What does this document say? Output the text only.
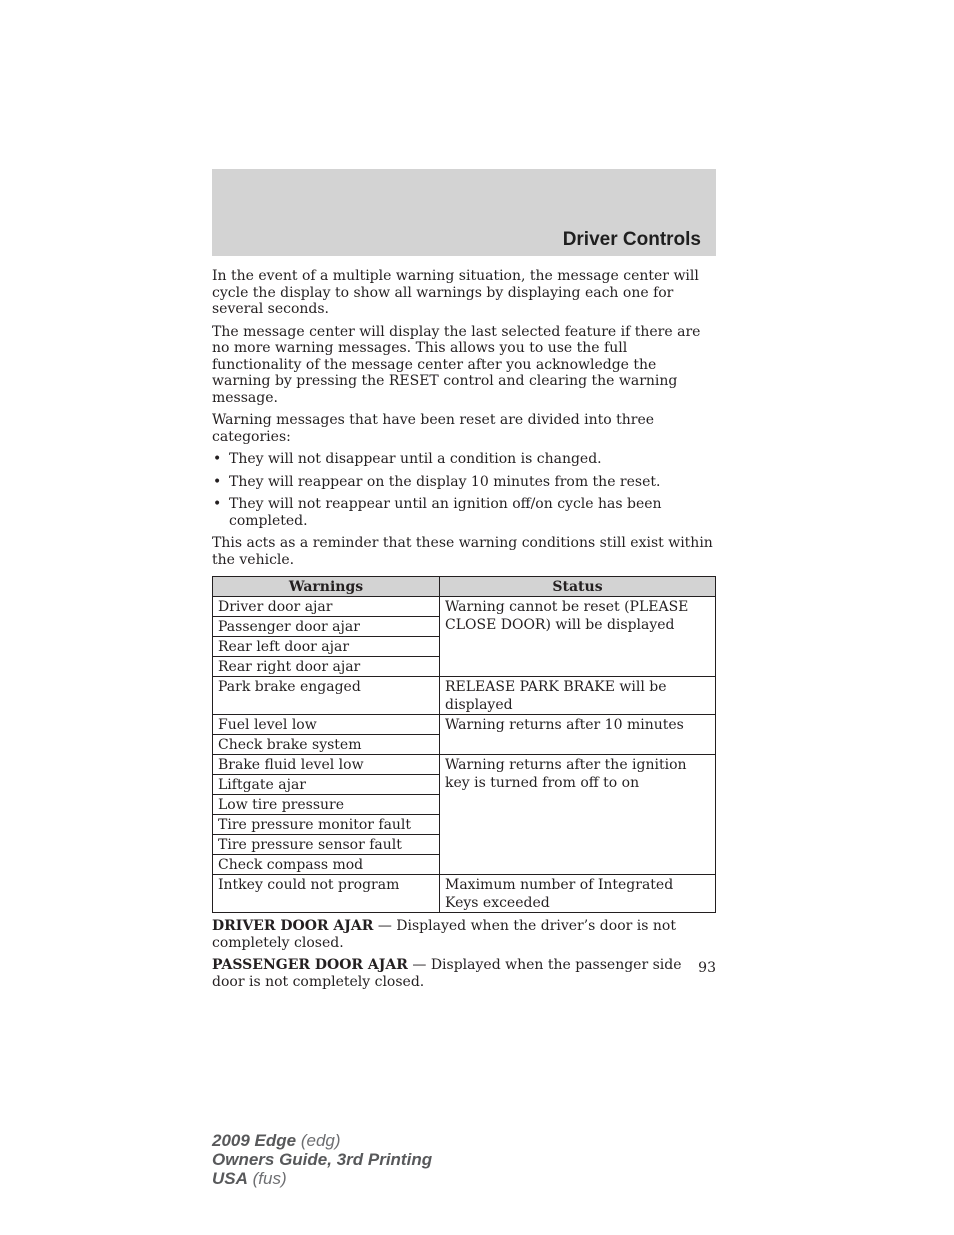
Driver Controls

In the event of a multiple warning situation, the message center will cycle the display to show all warnings by displaying each one for several seconds.

The message center will display the last selected feature if there are no more warning messages. This allows you to use the full functionality of the message center after you acknowledge the warning by pressing the RESET control and clearing the warning message.

Warning messages that have been reset are divided into three categories:

• They will not disappear until a condition is changed.
• They will reappear on the display 10 minutes from the reset.
• They will not reappear until an ignition off/on cycle has been completed.

This acts as a reminder that these warning conditions still exist within the vehicle.

Warnings	Status
Driver door ajar	Warning cannot be reset (PLEASE CLOSE DOOR) will be displayed
Passenger door ajar	
Rear left door ajar	
Rear right door ajar	
Park brake engaged	RELEASE PARK BRAKE will be displayed
Fuel level low	Warning returns after 10 minutes
Check brake system	
Brake fluid level low	Warning returns after the ignition key is turned from off to on
Liftgate ajar	
Low tire pressure	
Tire pressure monitor fault	
Tire pressure sensor fault	
Check compass mod	
Intkey could not program	Maximum number of Integrated Keys exceeded

DRIVER DOOR AJAR — Displayed when the driver’s door is not completely closed.

PASSENGER DOOR AJAR — Displayed when the passenger side door is not completely closed.

93
2009 Edge (edg)
Owners Guide, 3rd Printing
USA (fus)
